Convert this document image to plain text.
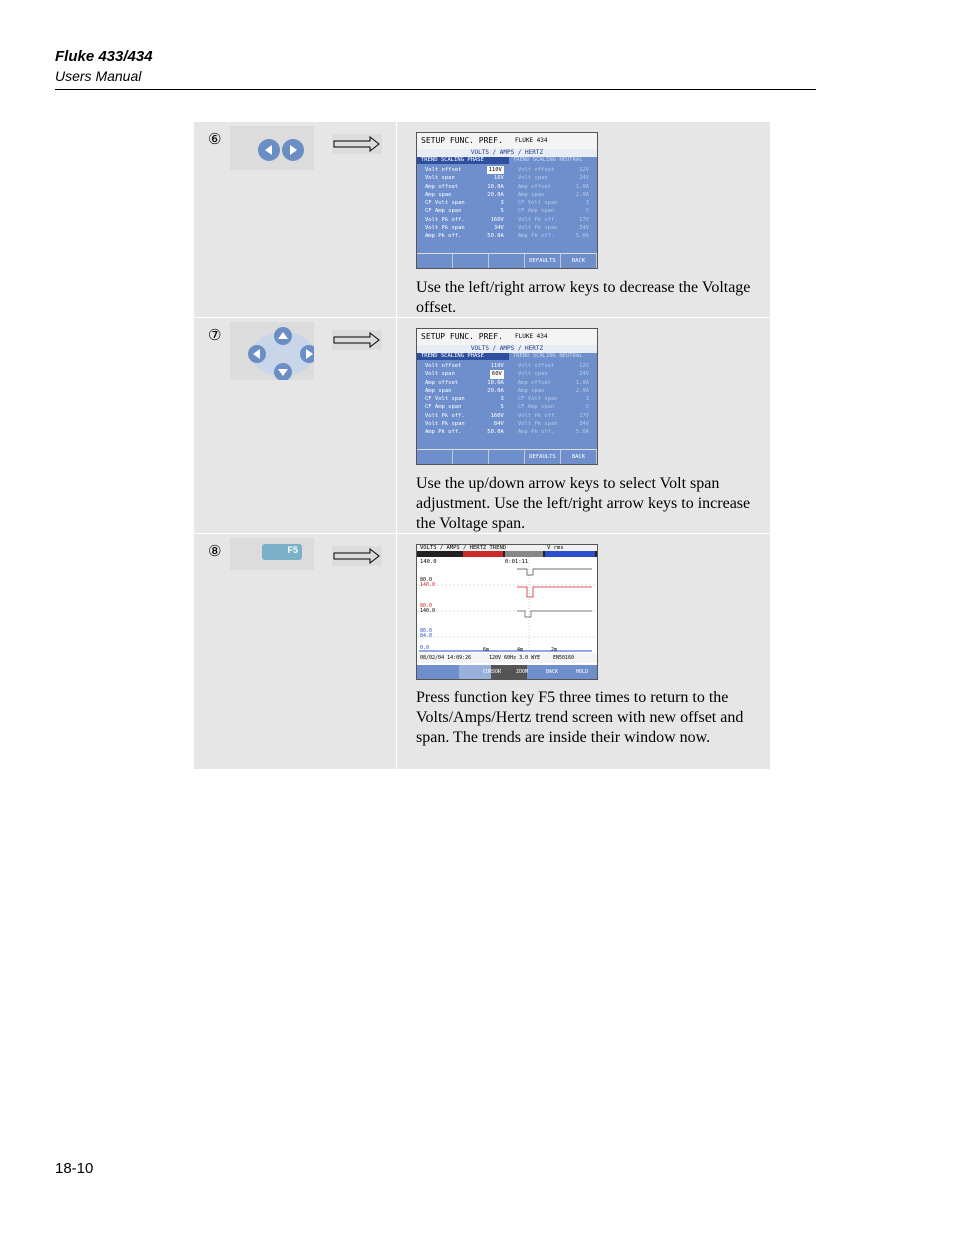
Fluke 433/434
Users Manual
⑥	SETUP FUNC. PREF. FLUKE 434
VOLTS / AMPS / HERTZ
TREND SCALING PHASE	TREND SCALING NEUTRAL
Volt offset	110V
Volt span	16V
Amp offset	10.0A
Amp span	20.0A
CF Volt span	3
CF Amp span	5
Volt Pk off.	160V
Volt Pk span	34V
Amp Pk off.	50.0A
Volt offset	12V
Volt span	24V
Amp offset	1.0A
Amp span	2.0A
CF Volt span	3
CF Amp span	5
Volt Pk off.	17V
Volt Pk span	34V
Amp Pk off.	5.0A
DEFAULTS	BACK
Use the left/right arrow keys to decrease the Voltage offset.
⑦	SETUP FUNC. PREF. FLUKE 434
VOLTS / AMPS / HERTZ
TREND SCALING PHASE	TREND SCALING NEUTRAL
Volt offset	110V
Volt span	60V
Amp offset	10.0A
Amp span	20.0A
CF Volt span	3
CF Amp span	5
Volt Pk off.	160V
Volt Pk span	84V
Amp Pk off.	50.0A
Volt offset	12V
Volt span	24V
Amp offset	1.0A
Amp span	2.0A
CF Volt span	3
CF Amp span	5
Volt Pk off.	17V
Volt Pk span	34V
Amp Pk off.	5.0A
DEFAULTS	BACK
Use the up/down arrow keys to select Volt span adjustment. Use the left/right arrow keys to increase the Voltage span.
⑧	F5	VOLTS / AMPS / HERTZ TREND	V rms
140.0	0:01:11
80.0
140.0
80.0
140.0
80.0
84.0
0.0	6m	4m	2m
08/02/04 14:09:26	120V 60Hz 3.0 WYE	EN50160
CURSOR	ZOOM	BACK	HOLD
Press function key F5 three times to return to the Volts/Amps/Hertz trend screen with new offset and span. The trends are inside their window now.
18-10
